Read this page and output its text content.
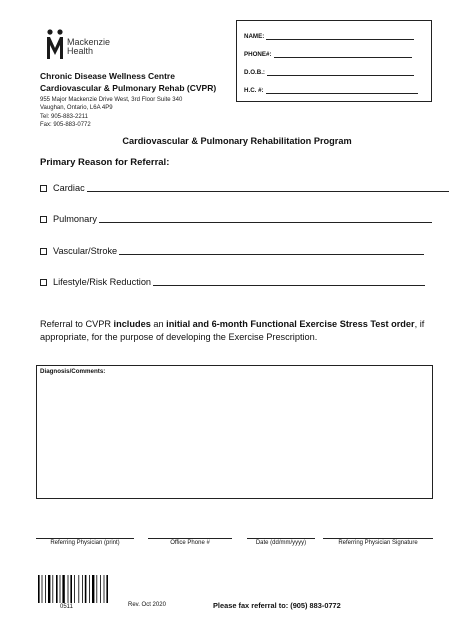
Mackenzie
Health
Chronic Disease Wellness Centre
Cardiovascular & Pulmonary Rehab (CVPR)
955 Major Mackenzie Drive West, 3rd Floor Suite 340
Vaughan, Ontario, L6A 4P9
Tel: 905-883-2211
Fax: 905-883-0772
NAME:
PHONE#:
D.O.B.:
H.C. #:
Cardiovascular & Pulmonary Rehabilitation Program
Primary Reason for Referral:
Cardiac
Pulmonary
Vascular/Stroke
Lifestyle/Risk Reduction
Referral to CVPR includes an initial and 6-month Functional Exercise Stress Test order, if appropriate, for the purpose of developing the Exercise Prescription.
Diagnosis/Comments:
Referring Physician (print)	Office Phone #	Date (dd/mm/yyyy)	Referring Physician Signature
0511	Rev. Oct 2020	Please fax referral to: (905) 883-0772
